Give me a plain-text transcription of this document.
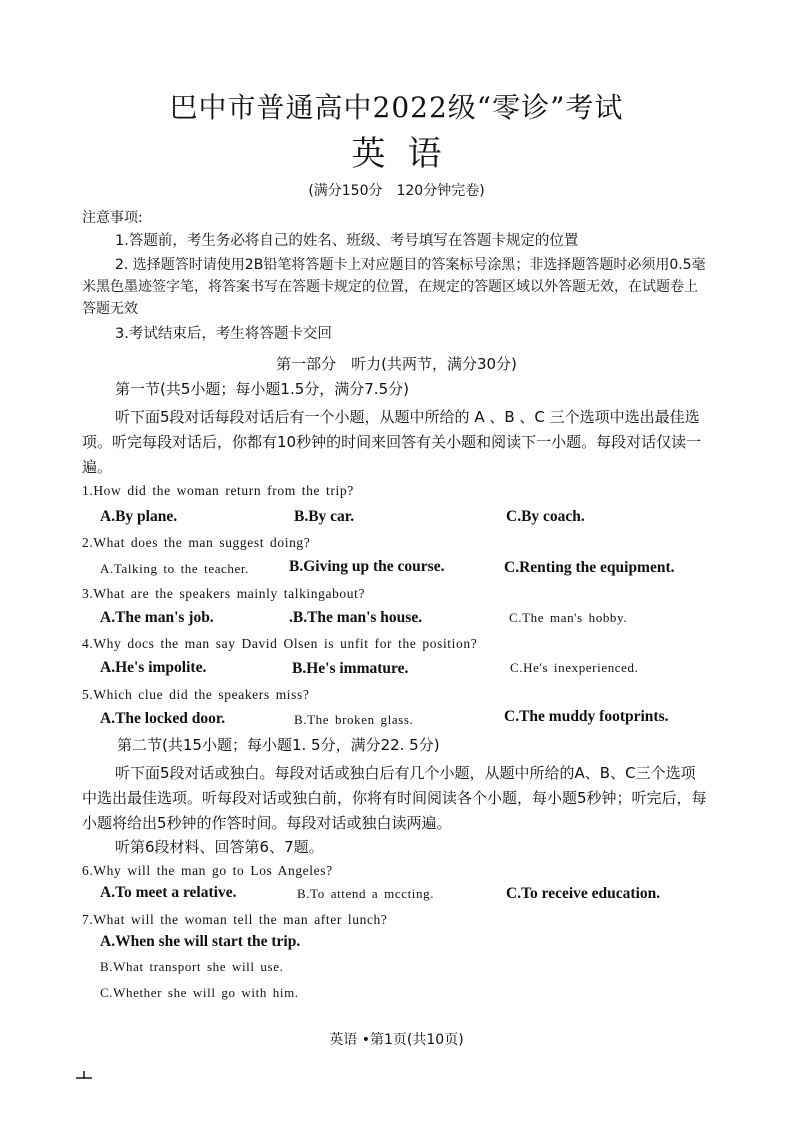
巴中市普通高中2022级“零诊”考试
英语
(满分150分　120分钟完卷)
注意事项:
1.答题前，考生务必将自己的姓名、班级、考号填写在答题卡规定的位置
2. 选择题答时请使用2B铅笔将答题卡上对应题目的答案标号涂黑；非选择题答题时必须用0.5毫米黑色墨迹签字笔，将答案书写在答题卡规定的位置，在规定的答题区域以外答题无效，在试题卷上答题无效
3.考试结束后，考生将答题卡交回
第一部分　听力(共两节，满分30分)
第一节(共5小题；每小题1.5分，满分7.5分)
听下面5段对话每段对话后有一个小题，从题中所给的 A 、B 、C 三个选项中选出最佳选项。听完每段对话后，你都有10秒钟的时间来回答有关小题和阅读下一小题。每段对话仅读一遍。
1.How did the woman return from the trip?
A.By plane.	B.By car.	C.By coach.
2.What does the man suggest doing?
A.Talking to the teacher.	B.Giving up the course.	C.Renting the equipment.
3.What are the speakers mainly talkingabout?
A.The man's job.	.B.The man's house.	C.The man's hobby.
4.Why docs the man say David Olsen is unfit for the position?
A.He's impolite.	B.He's immature.	C.He's inexperienced.
5.Which clue did the speakers miss?
A.The locked door.	B.The broken glass.	C.The muddy footprints.
第二节(共15小题；每小题1. 5分，满分22. 5分)
听下面5段对话或独白。每段对话或独白后有几个小题，从题中所给的A、B、C三个选项中选出最佳选项。听每段对话或独白前，你将有时间阅读各个小题，每小题5秒钟；听完后，每小题将给出5秒钟的作答时间。每段对话或独白读两遍。
听第6段材料、回答第6、7题。
6.Why will the man go to Los Angeles?
A.To meet a relative.	B.To attend a mccting.	C.To receive education.
7.What will the woman tell the man after lunch?
A.When she will start the trip.
B.What transport she will use.
C.Whether she will go with him.
英语 •第1页(共10页)
